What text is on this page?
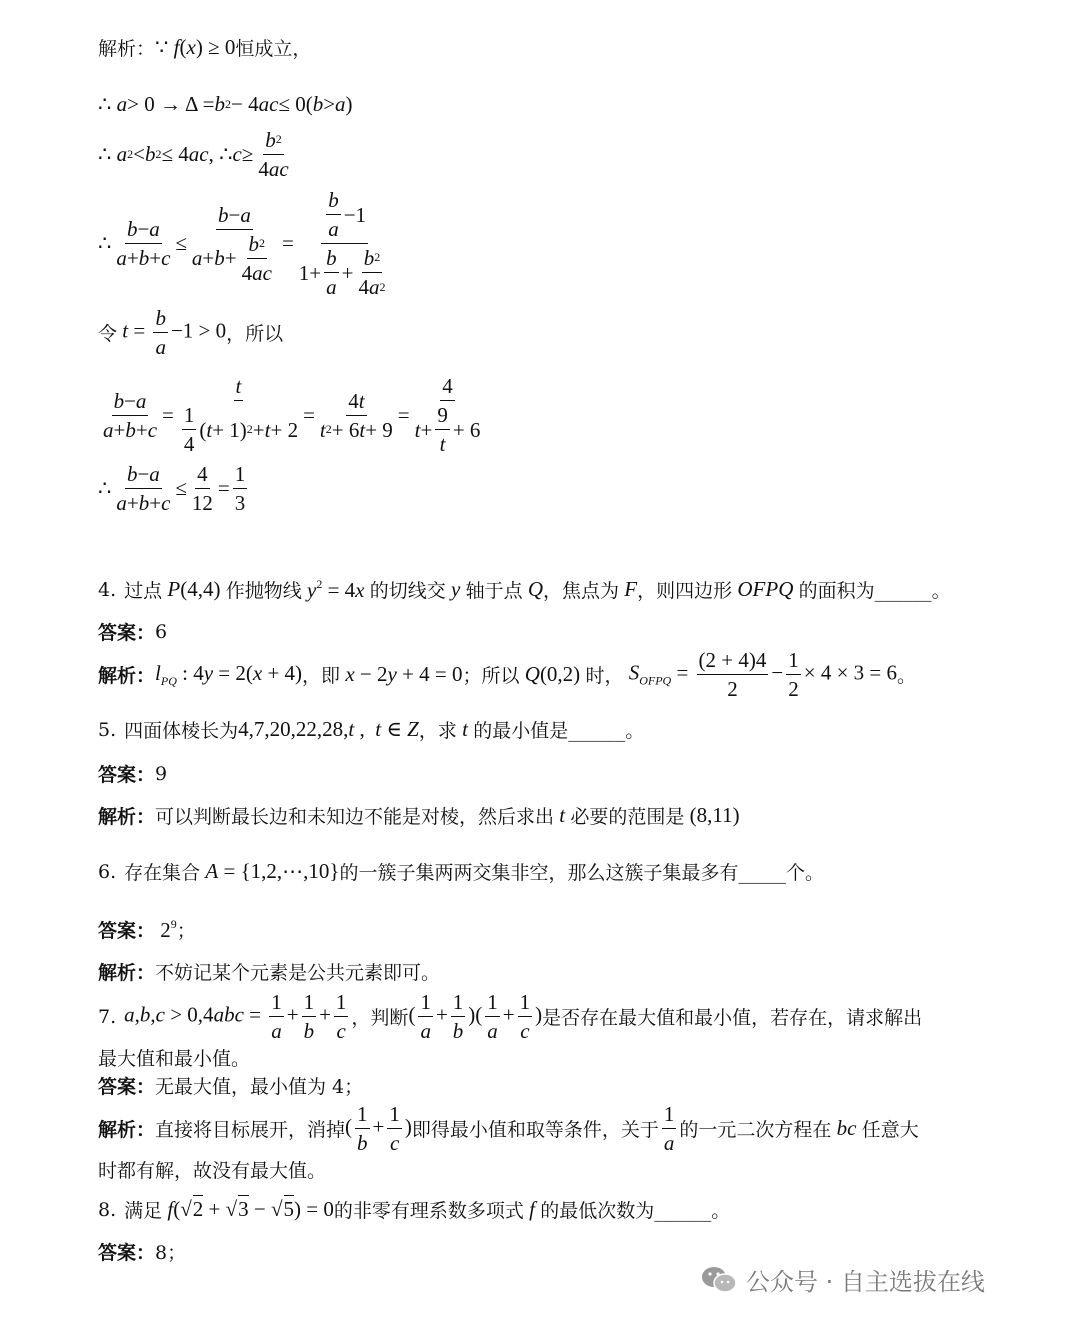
解析： ∵ f(x) ≥ 0 恒成立，
∴ a > 0 → Δ = b 2 − 4 ac ≤ 0( b > a )
∴ a 2 < b 2 ≤ 4 ac , ∴ $c \ge \frac{b 2}{4 ac}$
∴ $\frac{b - a}{a + b + c} \le \frac{b - a}{a + b + \frac{b 2}{4 ac}} = \frac{\frac{b}{a} -1}{1+ \frac{b}{a} + \frac{b 2}{4 a 2}}$
令 $t = \frac{b}{a} -1 > 0$ ，所以
$\frac{b - a}{a + b + c} = \frac{t}{\frac{1}{4} ( t + 1) 2 + t + 2} = \frac{4 t}{t 2 + 6 t + 9} = \frac{4}{t + \frac{9}{t} + 6}$
∴ $\frac{b - a}{a + b + c} \le \frac{4}{12} = \frac{1}{3}$
4. 过点 P(4,4) 作抛物线 $y^2 = 4x$ 的切线交 y 轴于点 Q ，焦点为 F ，则四边形 OFPQ 的面积为______。
答案： 6
解析： $l_{PQ}$ : 4y = 2(x + 4) ，即 x − 2y + 4 = 0 ；所以 Q(0,2) 时， $S_{OFPQ} = \frac{(2 + 4)4}{2} - \frac{1}{2} \times 4 \times 3 = 6$ 。
5. 四面体棱长为 4,7,20,22,28,t ,  t ∈ Z ，求 t 的最小值是______。
答案： 9
解析： 可以判断最长边和未知边不能是对棱，然后求出 t 必要的范围是 (8,11)
6. 存在集合 A = {1,2,⋯,10} 的一簇子集两两交集非空，那么这簇子集最多有_____个。
答案： $2^9$ ；
解析： 不妨记某个元素是公共元素即可。
7. $a,b,c > 0,4abc = \frac{1}{a} + \frac{1}{b} + \frac{1}{c}$ ，判断 ( $\frac{1}{a} + \frac{1}{b}$ )( $\frac{1}{a} + \frac{1}{c}$ ) 是否存在最大值和最小值，若存在，请求解出
最大值和最小值。
答案： 无最大值，最小值为 4；
解析： 直接将目标展开，消掉 ( $\frac{1}{b} + \frac{1}{c}$ ) 即得最小值和取等条件，关于 $\frac{1}{a}$ 的一元二次方程在 bc 任意大
时都有解，故没有最大值。
8. 满足 f(√2 + √3 − √5) = 0 的非零有理系数多项式 f 的最低次数为______。
答案： 8；
公众号 · 自主选拔在线
